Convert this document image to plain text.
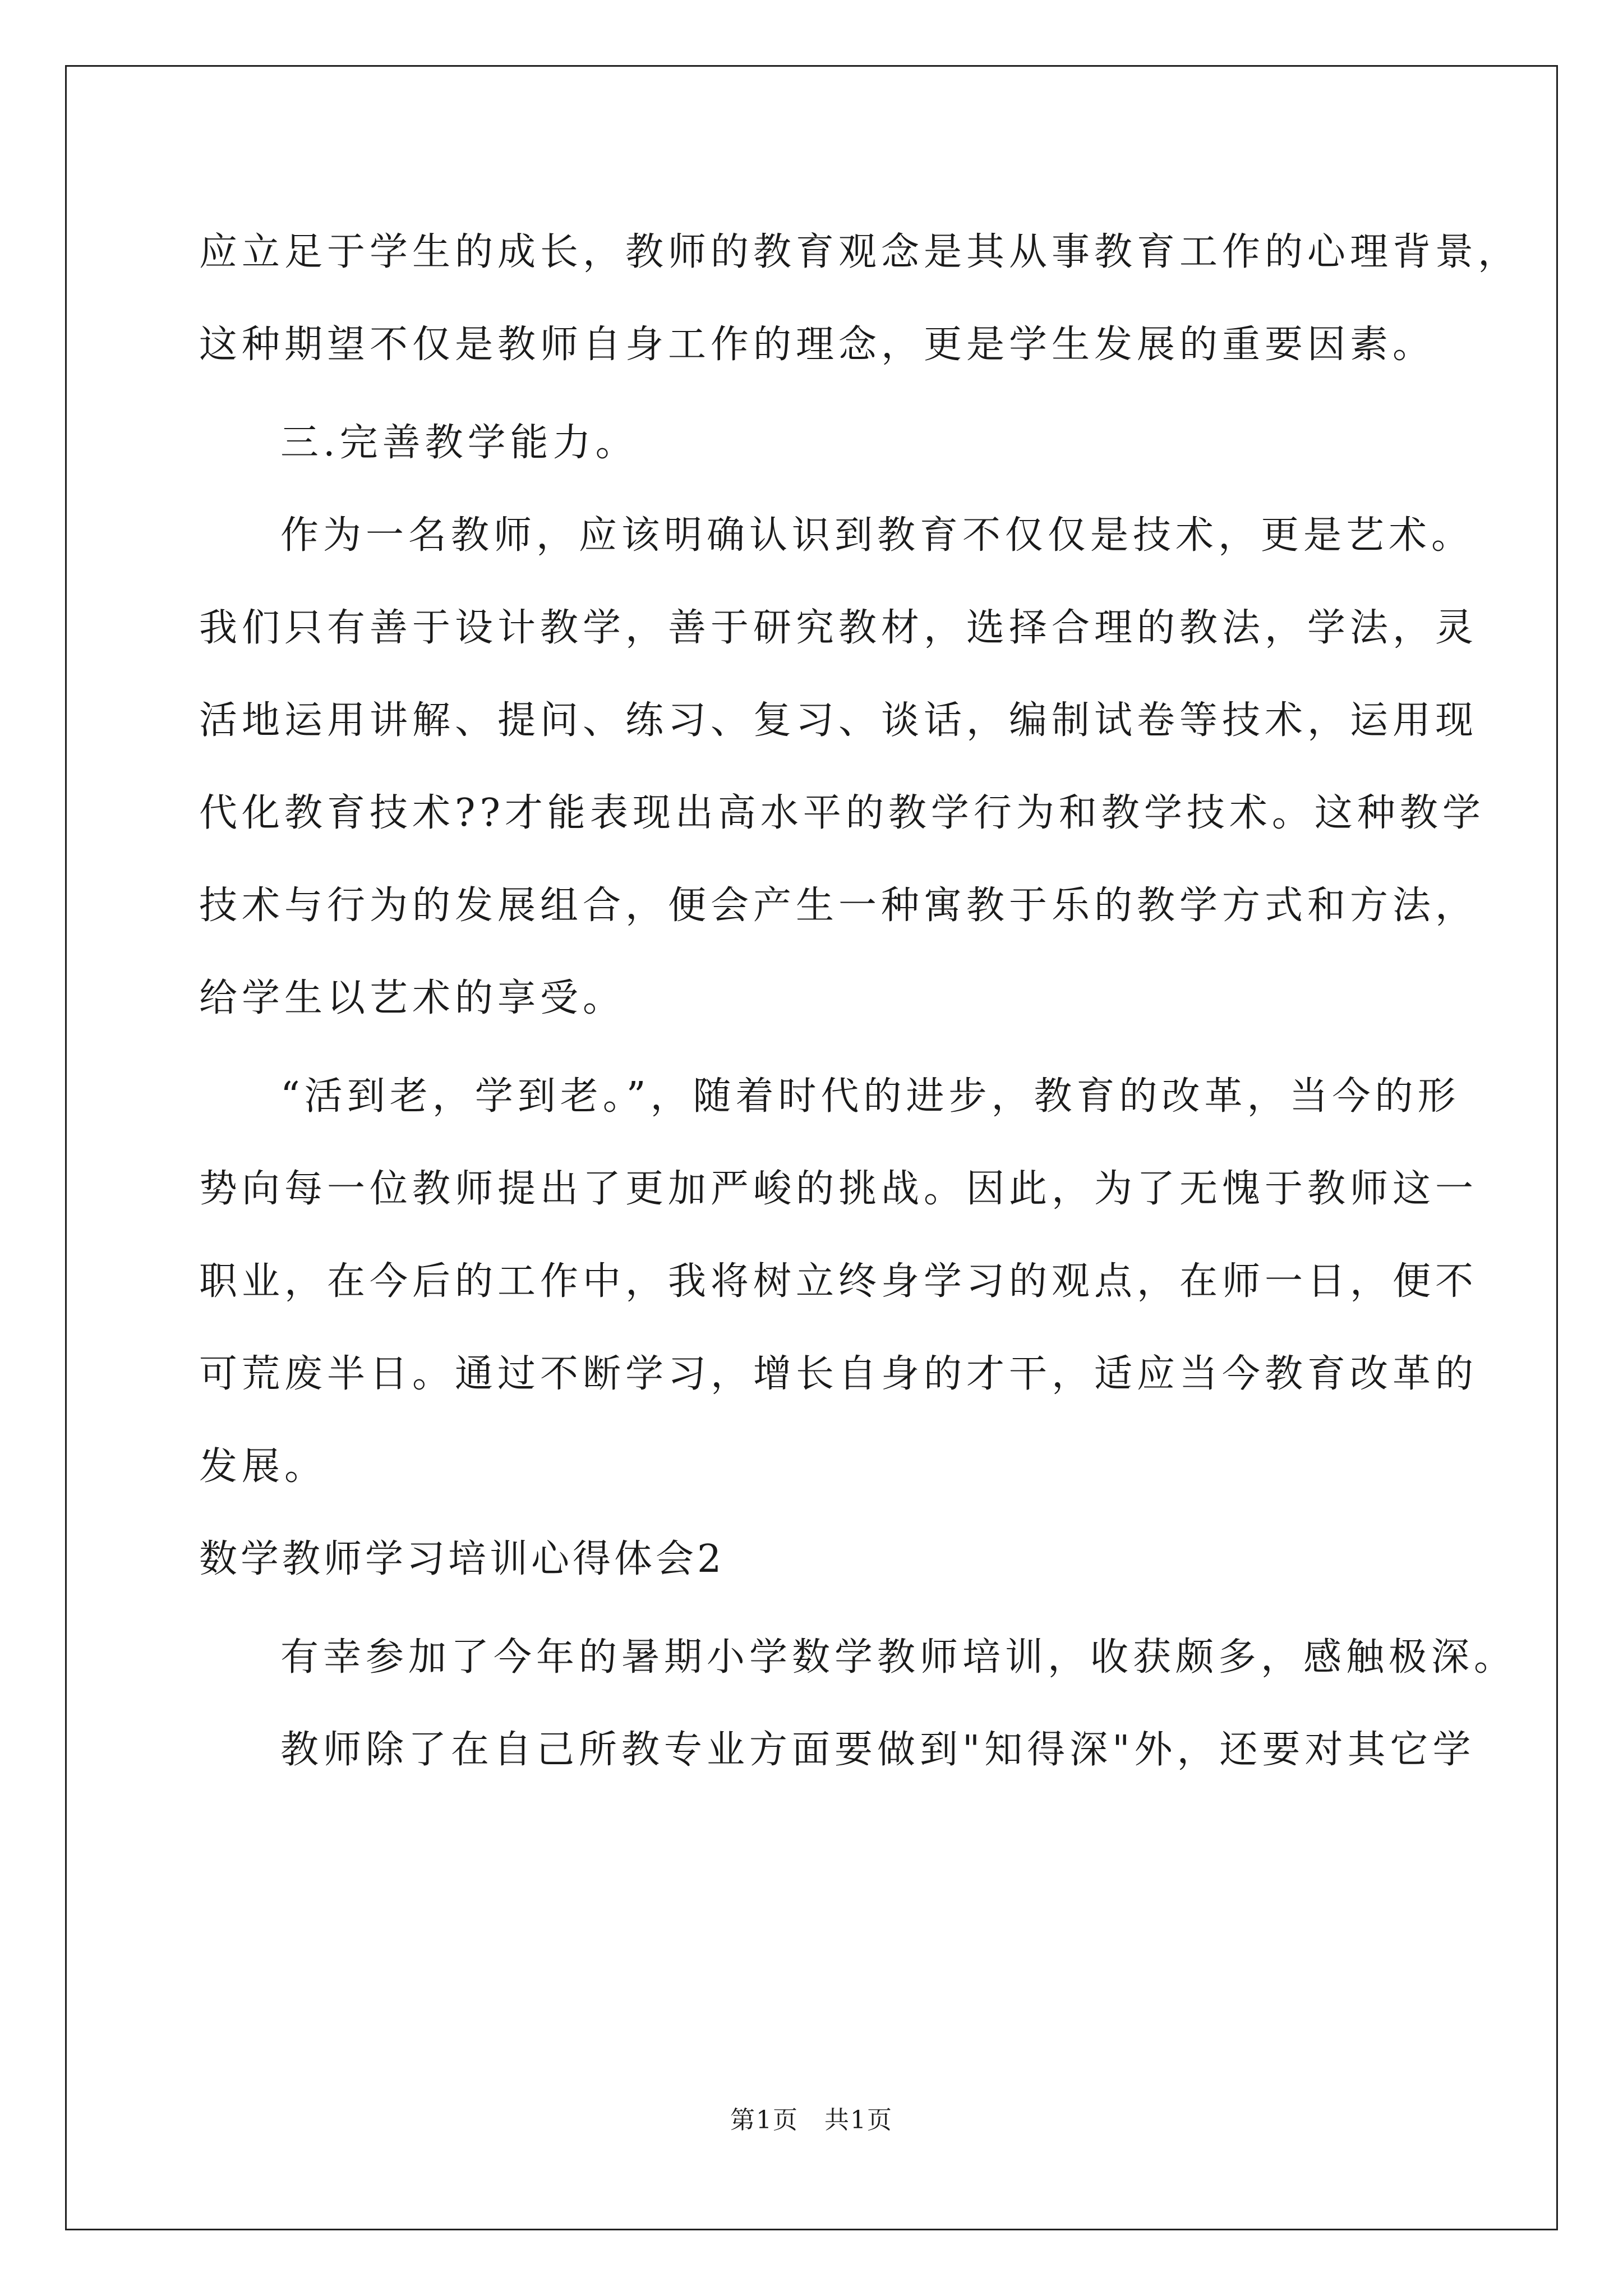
应立足于学生的成长，教师的教育观念是其从事教育工作的心理背景，
这种期望不仅是教师自身工作的理念，更是学生发展的重要因素。
三.完善教学能力。
作为一名教师，应该明确认识到教育不仅仅是技术，更是艺术。
我们只有善于设计教学，善于研究教材，选择合理的教法，学法，灵
活地运用讲解、提问、练习、复习、谈话，编制试卷等技术，运用现
代化教育技术??才能表现出高水平的教学行为和教学技术。这种教学
技术与行为的发展组合，便会产生一种寓教于乐的教学方式和方法，
给学生以艺术的享受。
“活到老，学到老。”，随着时代的进步，教育的改革，当今的形
势向每一位教师提出了更加严峻的挑战。因此，为了无愧于教师这一
职业，在今后的工作中，我将树立终身学习的观点，在师一日，便不
可荒废半日。通过不断学习，增长自身的才干，适应当今教育改革的
发展。
数学教师学习培训心得体会2
有幸参加了今年的暑期小学数学教师培训，收获颇多，感触极深。
教师除了在自己所教专业方面要做到"知得深"外，还要对其它学
第1页　共1页
